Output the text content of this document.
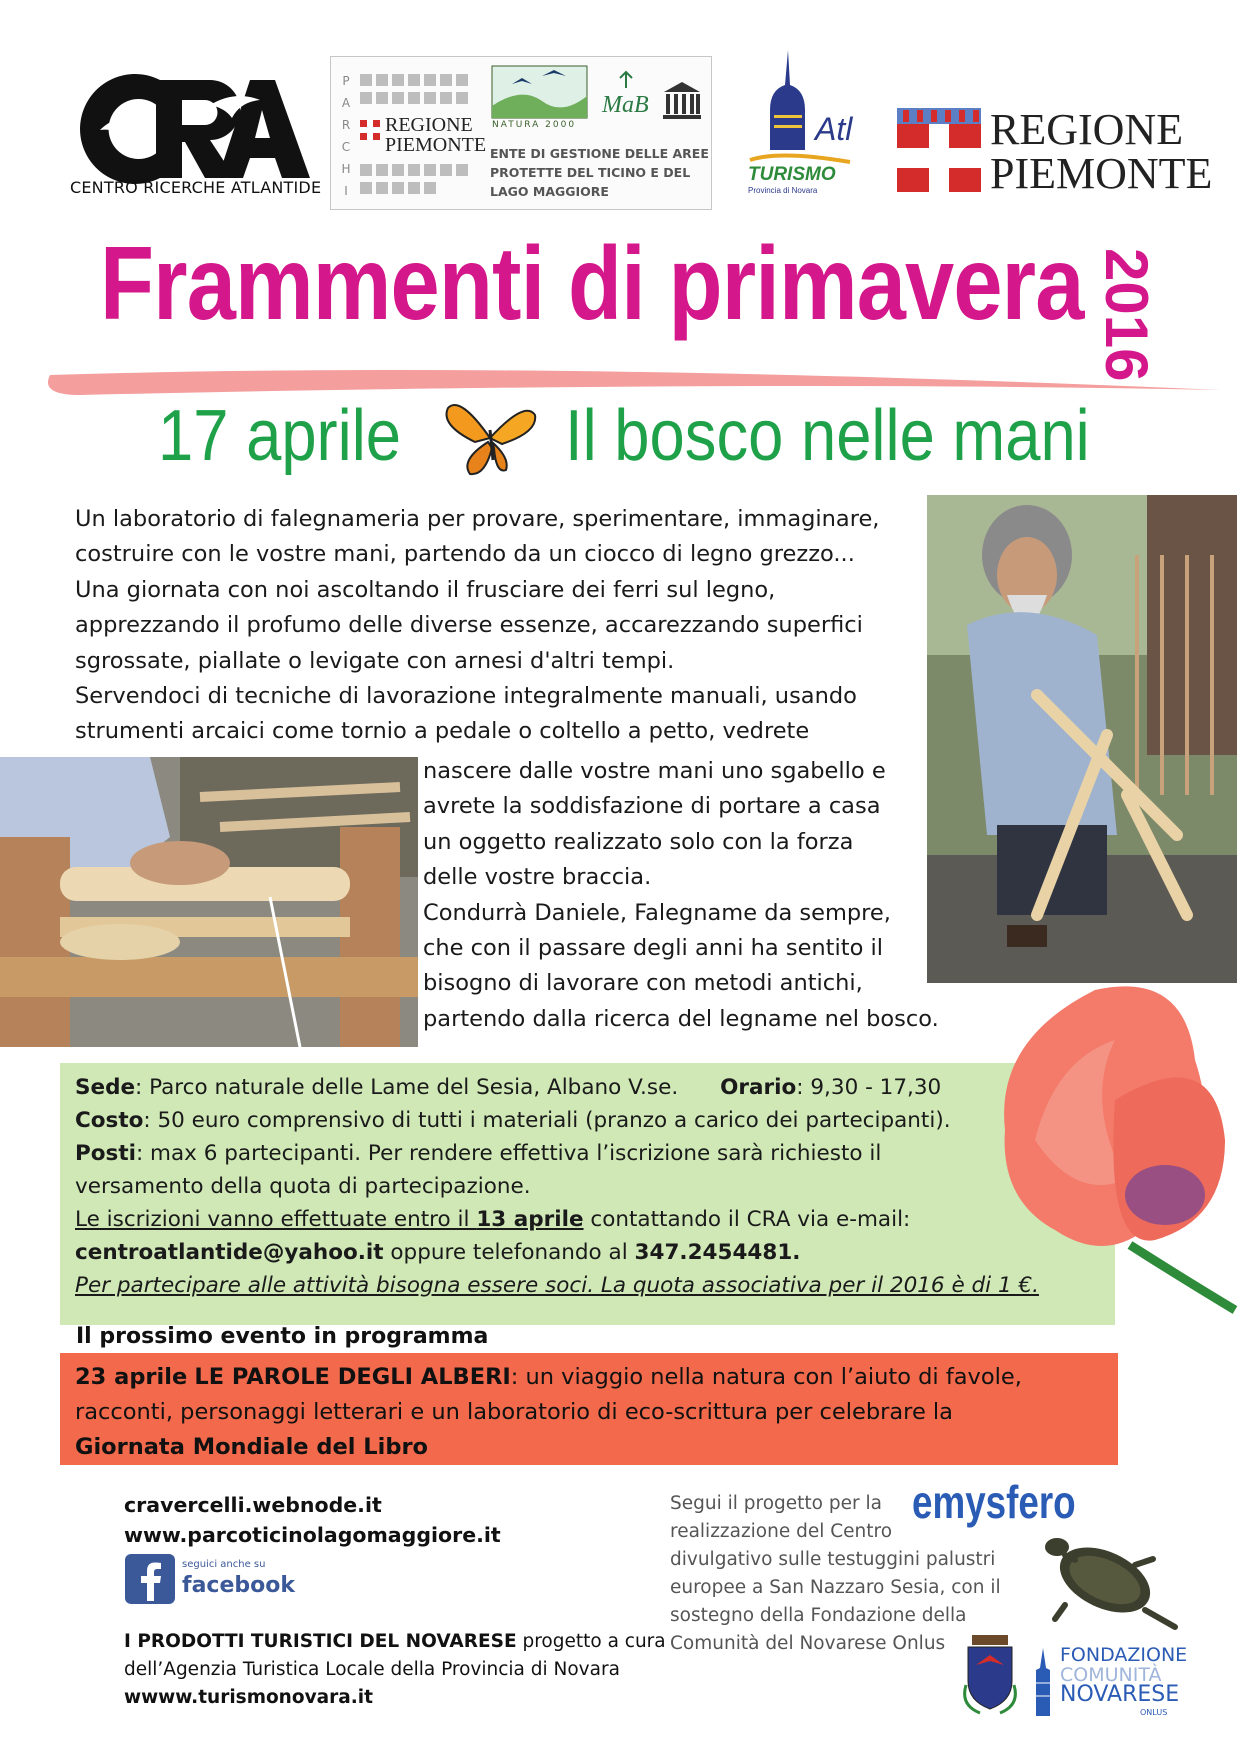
CENTRO RICERCHE ATLANTIDE
P
A
R
C
H
I
REGIONE
PIEMONTE
NATURA 2000
MaB
ENTE DI GESTIONE DELLE AREE
PROTETTE DEL TICINO E DEL
LAGO MAGGIORE
Atl
TURISMO
Provincia di Novara
REGIONE
PIEMONTE
Frammenti di primavera 2016
17 aprile Il bosco nelle mani
Un laboratorio di falegnameria per provare, sperimentare, immaginare,
costruire con le vostre mani, partendo da un ciocco di legno grezzo...
Una giornata con noi ascoltando il frusciare dei ferri sul legno,
apprezzando il profumo delle diverse essenze, accarezzando superfici
sgrossate, piallate o levigate con arnesi d'altri tempi.
Servendoci di tecniche di lavorazione integralmente manuali, usando
strumenti arcaici come tornio a pedale o coltello a petto, vedrete
nascere dalle vostre mani uno sgabello e
avrete la soddisfazione di portare a casa
un oggetto realizzato solo con la forza
delle vostre braccia.
Condurrà Daniele, Falegname da sempre,
che con il passare degli anni ha sentito il
bisogno di lavorare con metodi antichi,
partendo dalla ricerca del legname nel bosco.
Sede: Parco naturale delle Lame del Sesia, Albano V.se. Orario: 9,30 - 17,30
Costo: 50 euro comprensivo di tutti i materiali (pranzo a carico dei partecipanti).
Posti: max 6 partecipanti. Per rendere effettiva l’iscrizione sarà richiesto il
versamento della quota di partecipazione.
Le iscrizioni vanno effettuate entro il 13 aprile contattando il CRA via e-mail:
centroatlantide@yahoo.it oppure telefonando al 347.2454481.
Per partecipare alle attività bisogna essere soci. La quota associativa per il 2016 è di 1 €.
Il prossimo evento in programma
23 aprile LE PAROLE DEGLI ALBERI: un viaggio nella natura con l’aiuto di favole,
racconti, personaggi letterari e un laboratorio di eco-scrittura per celebrare la
Giornata Mondiale del Libro
cravercelli.webnode.it
www.parcoticinolagomaggiore.it
seguici anche su
facebook
I PRODOTTI TURISTICI DEL NOVARESE progetto a cura
dell’Agenzia Turistica Locale della Provincia di Novara
wwww.turismonovara.it
Segui il progetto per la
realizzazione del Centro
divulgativo sulle testuggini palustri
europee a San Nazzaro Sesia, con il
sostegno della Fondazione della
Comunità del Novarese Onlus
emysfero
FONDAZIONE
COMUNITÀ
NOVARESE
ONLUS
